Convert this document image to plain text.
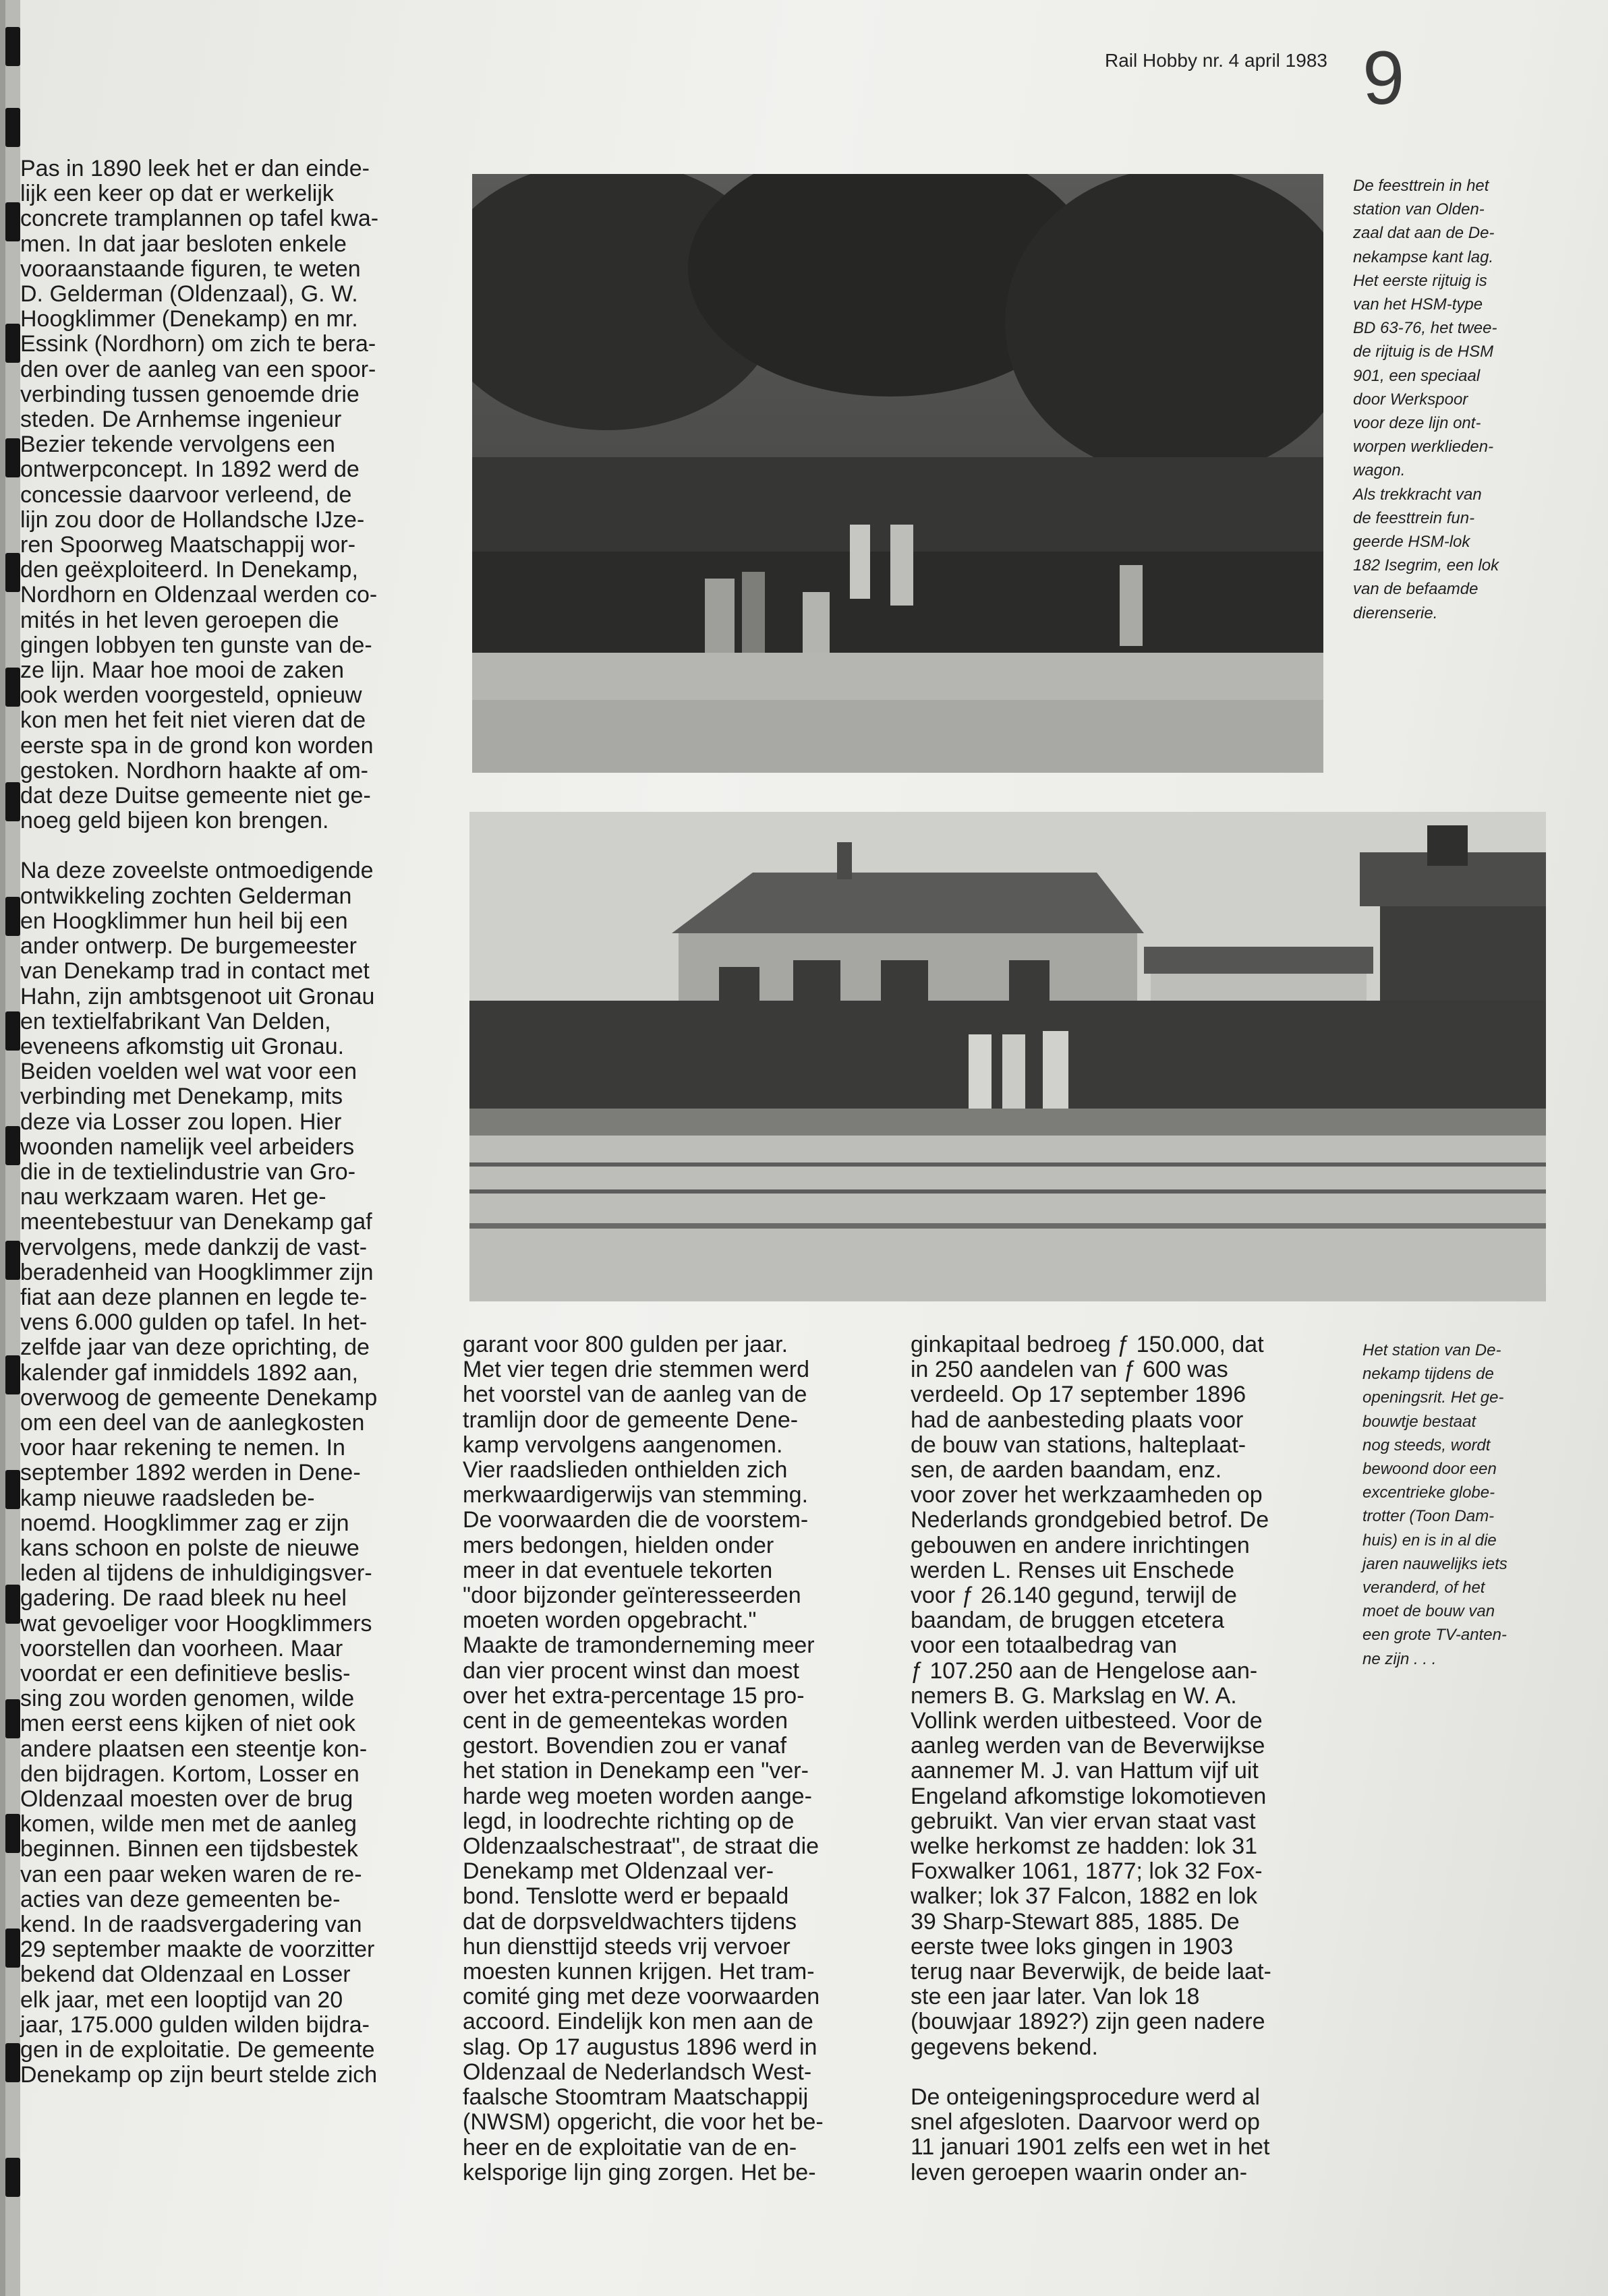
Rail Hobby nr. 4 april 1983 9

De feesttrein in het
station van Olden-
zaal dat aan de De-
nekampse kant lag.
Het eerste rijtuig is
van het HSM-type
BD 63-76, het twee-
de rijtuig is de HSM
901, een speciaal
door Werkspoor
voor deze lijn ont-
worpen werklieden-
wagon.
Als trekkracht van
de feesttrein fun-
geerde HSM-lok
182 Isegrim, een lok
van de befaamde
dierenserie.

Het station van De-
nekamp tijdens de
openingsrit. Het ge-
bouwtje bestaat
nog steeds, wordt
bewoond door een
excentrieke globe-
trotter (Toon Dam-
huis) en is in al die
jaren nauwelijks iets
veranderd, of het
moet de bouw van
een grote TV-anten-
ne zijn . . .

Pas in 1890 leek het er dan einde-
lijk een keer op dat er werkelijk
concrete tramplannen op tafel kwa-
men. In dat jaar besloten enkele
vooraanstaande figuren, te weten
D. Gelderman (Oldenzaal), G. W.
Hoogklimmer (Denekamp) en mr.
Essink (Nordhorn) om zich te bera-
den over de aanleg van een spoor-
verbinding tussen genoemde drie
steden. De Arnhemse ingenieur
Bezier tekende vervolgens een
ontwerpconcept. In 1892 werd de
concessie daarvoor verleend, de
lijn zou door de Hollandsche IJze-
ren Spoorweg Maatschappij wor-
den geëxploiteerd. In Denekamp,
Nordhorn en Oldenzaal werden co-
mités in het leven geroepen die
gingen lobbyen ten gunste van de-
ze lijn. Maar hoe mooi de zaken
ook werden voorgesteld, opnieuw
kon men het feit niet vieren dat de
eerste spa in de grond kon worden
gestoken. Nordhorn haakte af om-
dat deze Duitse gemeente niet ge-
noeg geld bijeen kon brengen.

Na deze zoveelste ontmoedigende
ontwikkeling zochten Gelderman
en Hoogklimmer hun heil bij een
ander ontwerp. De burgemeester
van Denekamp trad in contact met
Hahn, zijn ambtsgenoot uit Gronau
en textielfabrikant Van Delden,
eveneens afkomstig uit Gronau.
Beiden voelden wel wat voor een
verbinding met Denekamp, mits
deze via Losser zou lopen. Hier
woonden namelijk veel arbeiders
die in de textielindustrie van Gro-
nau werkzaam waren. Het ge-
meentebestuur van Denekamp gaf
vervolgens, mede dankzij de vast-
beradenheid van Hoogklimmer zijn
fiat aan deze plannen en legde te-
vens 6.000 gulden op tafel. In het-
zelfde jaar van deze oprichting, de
kalender gaf inmiddels 1892 aan,
overwoog de gemeente Denekamp
om een deel van de aanlegkosten
voor haar rekening te nemen. In
september 1892 werden in Dene-
kamp nieuwe raadsleden be-
noemd. Hoogklimmer zag er zijn
kans schoon en polste de nieuwe
leden al tijdens de inhuldigingsver-
gadering. De raad bleek nu heel
wat gevoeliger voor Hoogklimmers
voorstellen dan voorheen. Maar
voordat er een definitieve beslis-
sing zou worden genomen, wilde
men eerst eens kijken of niet ook
andere plaatsen een steentje kon-
den bijdragen. Kortom, Losser en
Oldenzaal moesten over de brug
komen, wilde men met de aanleg
beginnen. Binnen een tijdsbestek
van een paar weken waren de re-
acties van deze gemeenten be-
kend. In de raadsvergadering van
29 september maakte de voorzitter
bekend dat Oldenzaal en Losser
elk jaar, met een looptijd van 20
jaar, 175.000 gulden wilden bijdra-
gen in de exploitatie. De gemeente
Denekamp op zijn beurt stelde zich

garant voor 800 gulden per jaar.
Met vier tegen drie stemmen werd
het voorstel van de aanleg van de
tramlijn door de gemeente Dene-
kamp vervolgens aangenomen.
Vier raadslieden onthielden zich
merkwaardigerwijs van stemming.
De voorwaarden die de voorstem-
mers bedongen, hielden onder
meer in dat eventuele tekorten
"door bijzonder geïnteresseerden
moeten worden opgebracht."
Maakte de tramonderneming meer
dan vier procent winst dan moest
over het extra-percentage 15 pro-
cent in de gemeentekas worden
gestort. Bovendien zou er vanaf
het station in Denekamp een "ver-
harde weg moeten worden aange-
legd, in loodrechte richting op de
Oldenzaalschestraat", de straat die
Denekamp met Oldenzaal ver-
bond. Tenslotte werd er bepaald
dat de dorpsveldwachters tijdens
hun diensttijd steeds vrij vervoer
moesten kunnen krijgen. Het tram-
comité ging met deze voorwaarden
accoord. Eindelijk kon men aan de
slag. Op 17 augustus 1896 werd in
Oldenzaal de Nederlandsch West-
faalsche Stoomtram Maatschappij
(NWSM) opgericht, die voor het be-
heer en de exploitatie van de en-
kelsporige lijn ging zorgen. Het be-

ginkapitaal bedroeg ƒ 150.000, dat
in 250 aandelen van ƒ 600 was
verdeeld. Op 17 september 1896
had de aanbesteding plaats voor
de bouw van stations, halteplaat-
sen, de aarden baandam, enz.
voor zover het werkzaamheden op
Nederlands grondgebied betrof. De
gebouwen en andere inrichtingen
werden L. Renses uit Enschede
voor ƒ 26.140 gegund, terwijl de
baandam, de bruggen etcetera
voor een totaalbedrag van
ƒ 107.250 aan de Hengelose aan-
nemers B. G. Markslag en W. A.
Vollink werden uitbesteed. Voor de
aanleg werden van de Beverwijkse
aannemer M. J. van Hattum vijf uit
Engeland afkomstige lokomotieven
gebruikt. Van vier ervan staat vast
welke herkomst ze hadden: lok 31
Foxwalker 1061, 1877; lok 32 Fox-
walker; lok 37 Falcon, 1882 en lok
39 Sharp-Stewart 885, 1885. De
eerste twee loks gingen in 1903
terug naar Beverwijk, de beide laat-
ste een jaar later. Van lok 18
(bouwjaar 1892?) zijn geen nadere
gegevens bekend.

De onteigeningsprocedure werd al
snel afgesloten. Daarvoor werd op
11 januari 1901 zelfs een wet in het
leven geroepen waarin onder an-
